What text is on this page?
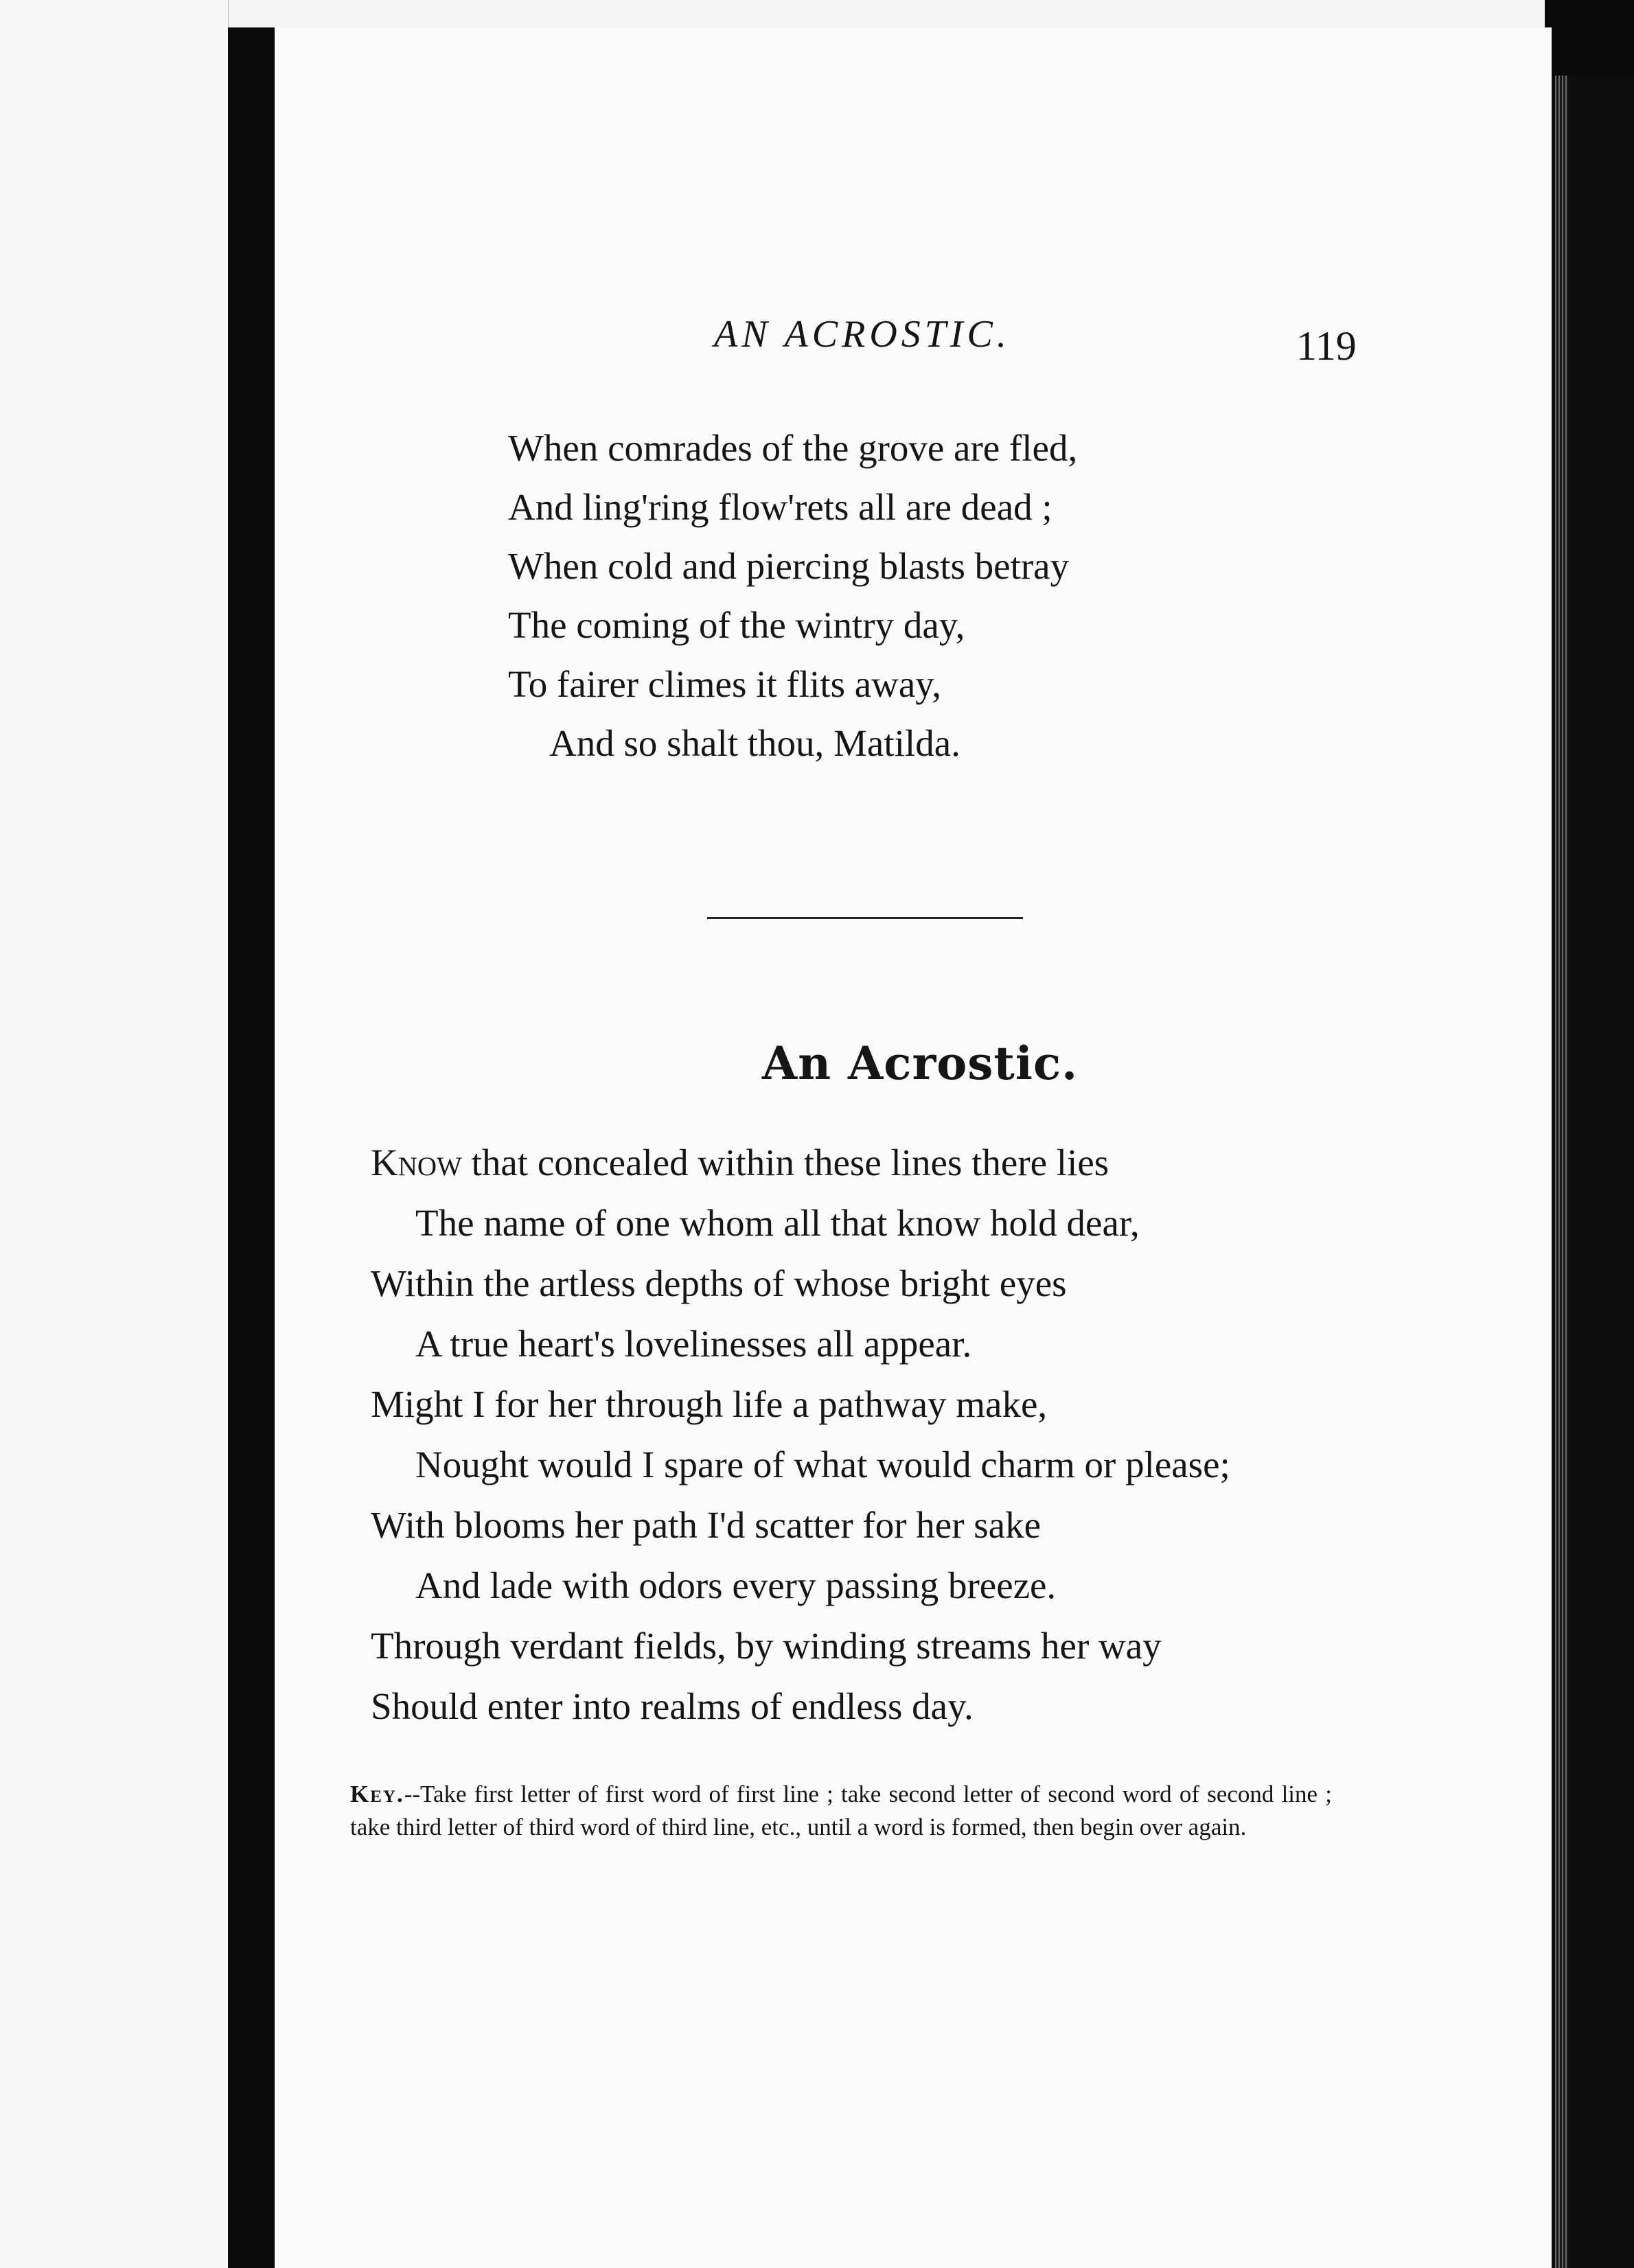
AN ACROSTIC.	119
When comrades of the grove are fled,
And ling'ring flow'rets all are dead ;
When cold and piercing blasts betray
The coming of the wintry day,
To fairer climes it flits away,
And so shalt thou, Matilda.
An Acrostic.
Know that concealed within these lines there lies
The name of one whom all that know hold dear,
Within the artless depths of whose bright eyes
A true heart's lovelinesses all appear.
Might I for her through life a pathway make,
Nought would I spare of what would charm or please;
With blooms her path I'd scatter for her sake
And lade with odors every passing breeze.
Through verdant fields, by winding streams her way
Should enter into realms of endless day.
Key.--Take first letter of first word of first line ; take second letter of second word of second line ; take third letter of third word of third line, etc., until a word is formed, then begin over again.
